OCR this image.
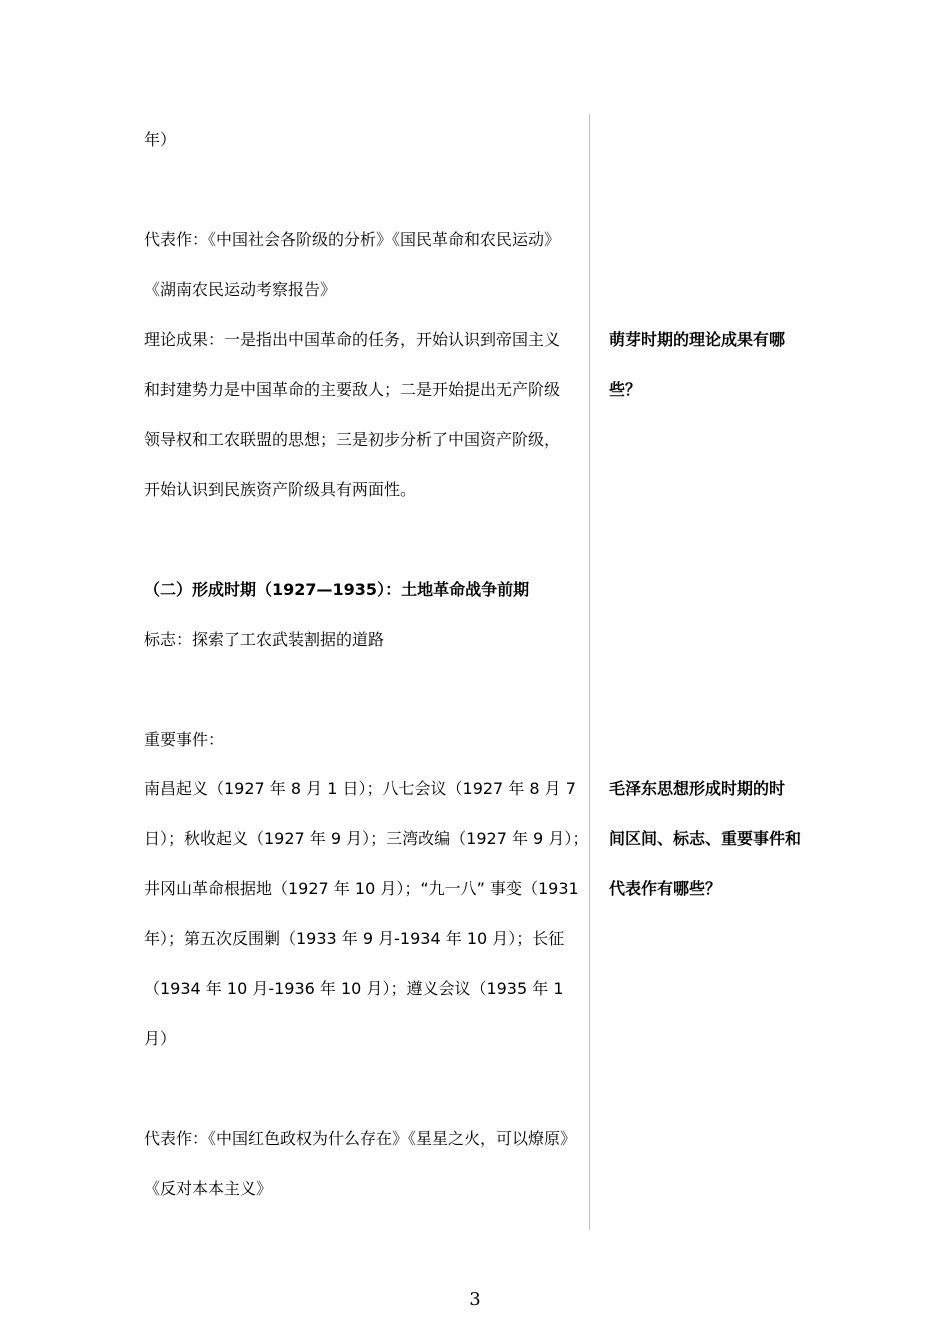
年）
代表作：《中国社会各阶级的分析》《国民革命和农民运动》
《湖南农民运动考察报告》
理论成果：一是指出中国革命的任务，开始认识到帝国主义
和封建势力是中国革命的主要敌人；二是开始提出无产阶级
领导权和工农联盟的思想；三是初步分析了中国资产阶级，
开始认识到民族资产阶级具有两面性。
（二）形成时期（1927—1935）：土地革命战争前期
标志：探索了工农武装割据的道路
重要事件：
南昌起义（1927 年 8 月 1 日）；八七会议（1927 年 8 月 7
日）；秋收起义（1927 年 9 月）；三湾改编（1927 年 9 月）；
井冈山革命根据地（1927 年 10 月）；“九一八” 事变（1931
年）；第五次反围剿（1933 年 9 月-1934 年 10 月）；长征
（1934 年 10 月-1936 年 10 月）；遵义会议（1935 年 1
月）
代表作：《中国红色政权为什么存在》《星星之火，可以燎原》
《反对本本主义》
萌芽时期的理论成果有哪
些？
毛泽东思想形成时期的时
间区间、标志、重要事件和
代表作有哪些？
3
